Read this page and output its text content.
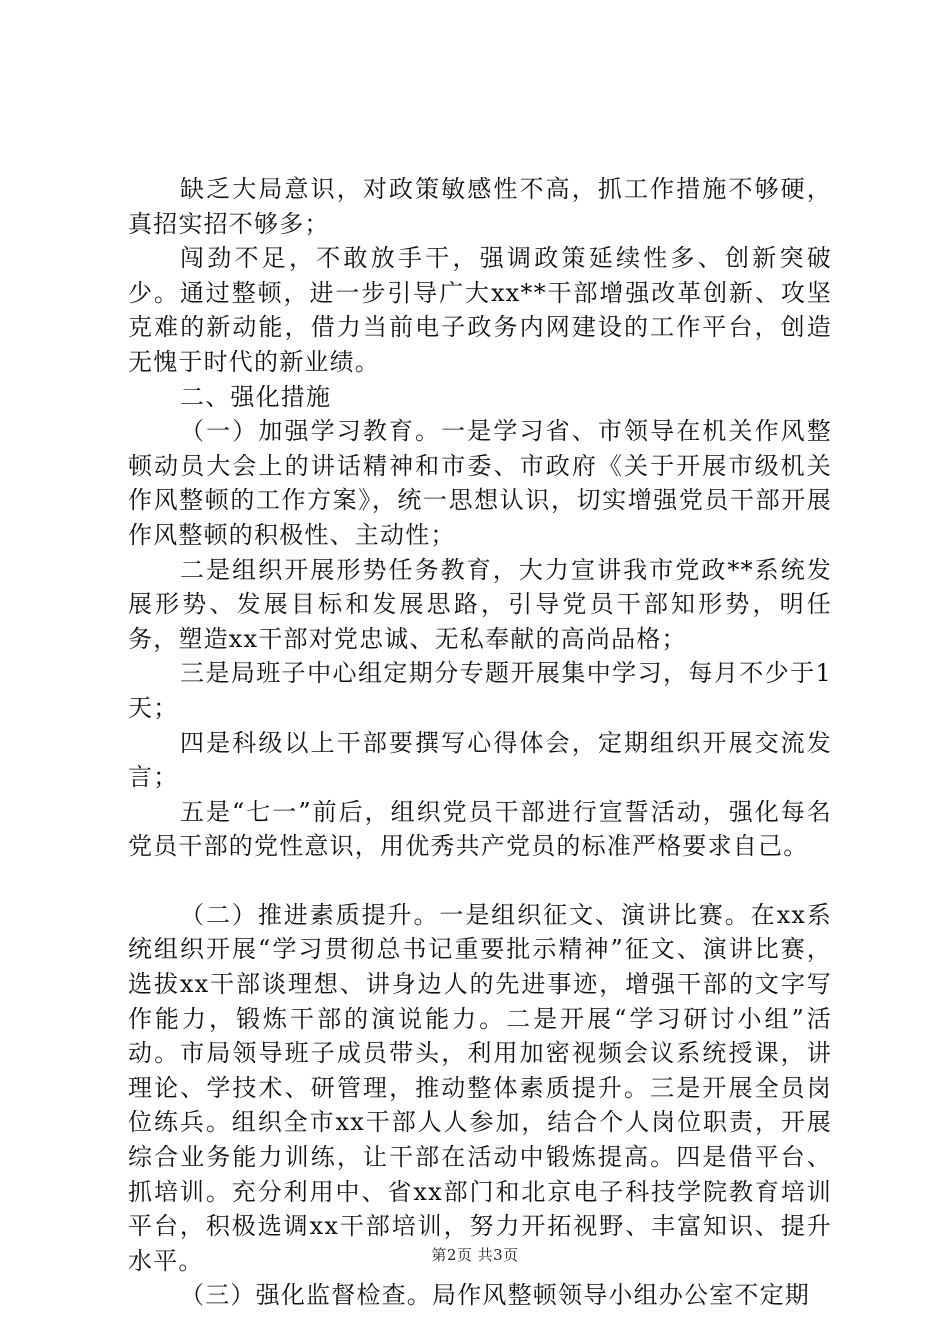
缺乏大局意识，对政策敏感性不高，抓工作措施不够硬，真招实招不够多；

闯劲不足，不敢放手干，强调政策延续性多、创新突破少。通过整顿，进一步引导广大xx**干部增强改革创新、攻坚克难的新动能，借力当前电子政务内网建设的工作平台，创造无愧于时代的新业绩。

二、强化措施

（一）加强学习教育。一是学习省、市领导在机关作风整顿动员大会上的讲话精神和市委、市政府《关于开展市级机关作风整顿的工作方案》，统一思想认识，切实增强党员干部开展作风整顿的积极性、主动性；

二是组织开展形势任务教育，大力宣讲我市党政**系统发展形势、发展目标和发展思路，引导党员干部知形势，明任务，塑造xx干部对党忠诚、无私奉献的高尚品格；

三是局班子中心组定期分专题开展集中学习，每月不少于1天；

四是科级以上干部要撰写心得体会，定期组织开展交流发言；

五是“七一”前后，组织党员干部进行宣誓活动，强化每名党员干部的党性意识，用优秀共产党员的标准严格要求自己。

（二）推进素质提升。一是组织征文、演讲比赛。在xx系统组织开展“学习贯彻总书记重要批示精神”征文、演讲比赛，选拔xx干部谈理想、讲身边人的先进事迹，增强干部的文字写作能力，锻炼干部的演说能力。二是开展“学习研讨小组”活动。市局领导班子成员带头，利用加密视频会议系统授课，讲理论、学技术、研管理，推动整体素质提升。三是开展全员岗位练兵。组织全市xx干部人人参加，结合个人岗位职责，开展综合业务能力训练，让干部在活动中锻炼提高。四是借平台、抓培训。充分利用中、省xx部门和北京电子科技学院教育培训平台，积极选调xx干部培训，努力开拓视野、丰富知识、提升水平。

（三）强化监督检查。局作风整顿领导小组办公室不定期

第2页 共3页
